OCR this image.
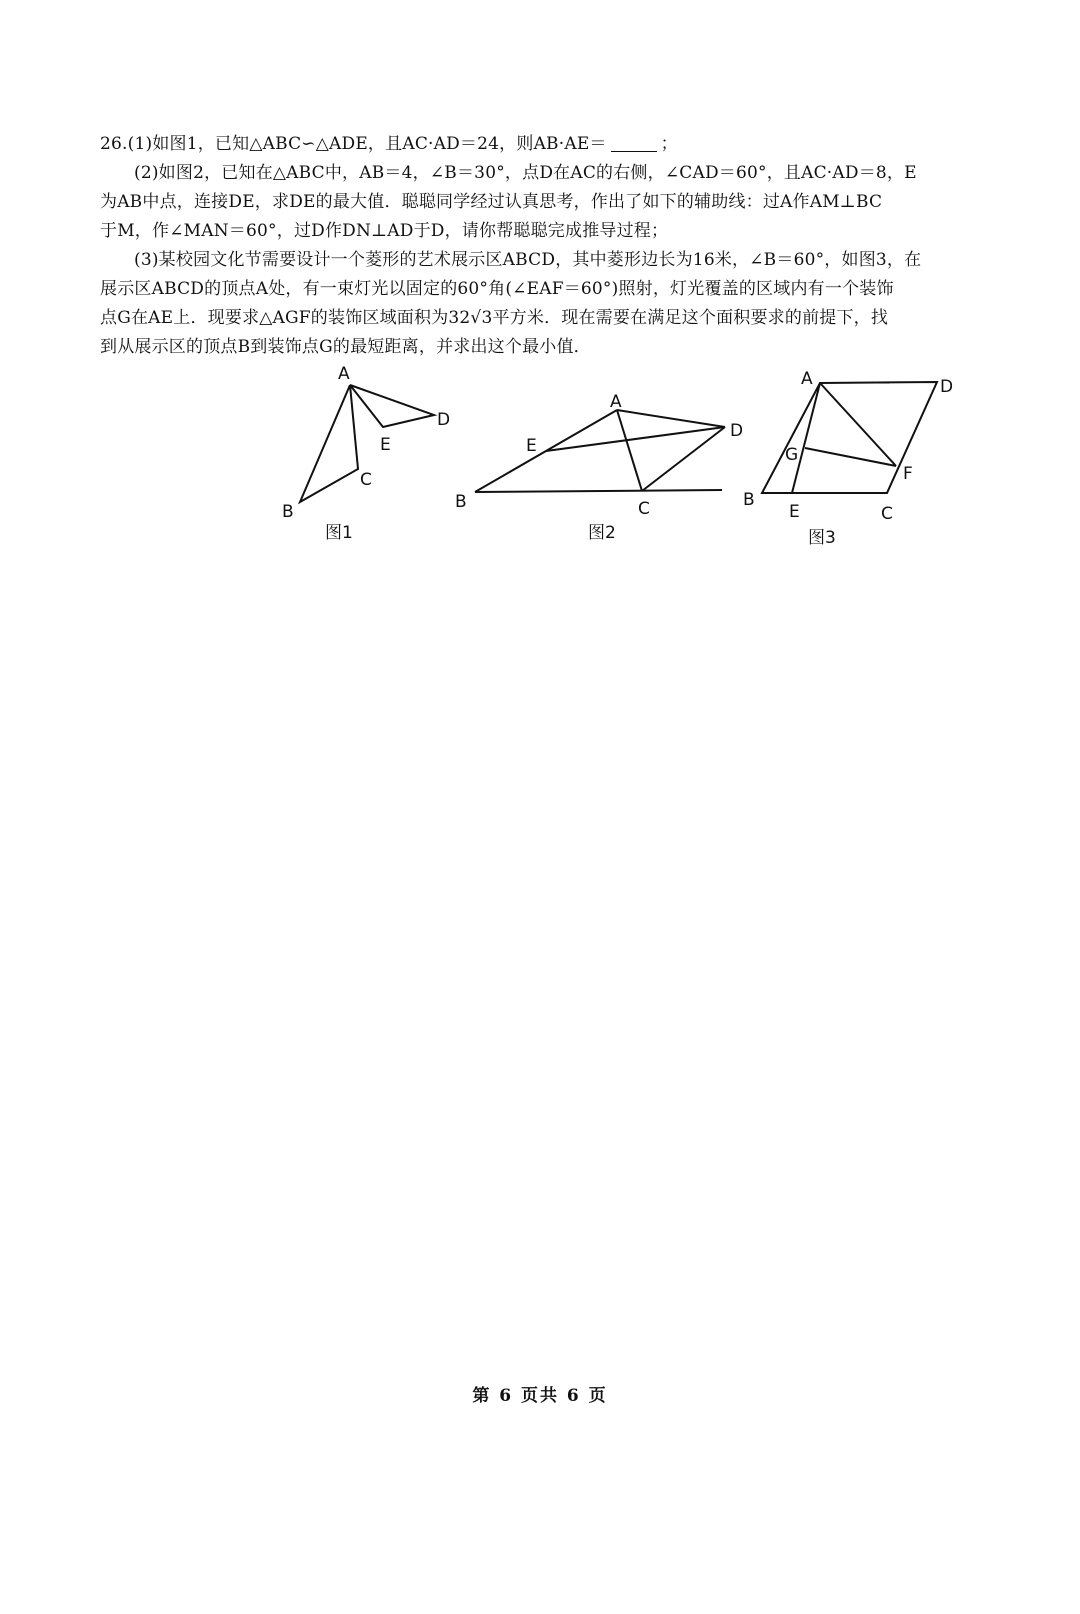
26.(1)如图1，已知△ABC∽△ADE，且AC·AD＝24，则AB·AE＝	；
(2)如图2，已知在△ABC中，AB＝4，∠B＝30°，点D在AC的右侧，∠CAD＝60°，且AC·AD＝8，E
为AB中点，连接DE，求DE的最大值．聪聪同学经过认真思考，作出了如下的辅助线：过A作AM⊥BC
于M，作∠MAN＝60°，过D作DN⊥AD于D，请你帮聪聪完成推导过程；
(3)某校园文化节需要设计一个菱形的艺术展示区ABCD，其中菱形边长为16米，∠B＝60°，如图3，在
展示区ABCD的顶点A处，有一束灯光以固定的60°角(∠EAF＝60°)照射，灯光覆盖的区域内有一个装饰
点G在AE上．现要求△AGF的装饰区域面积为32√3平方米．现在需要在满足这个面积要求的前提下，找
到从展示区的顶点B到装饰点G的最短距离，并求出这个最小值．
A
B
C
D
E
图1
A
B	C
D
E
图2
A
B
C
D
E
F
G
图3
第 6 页共 6 页
